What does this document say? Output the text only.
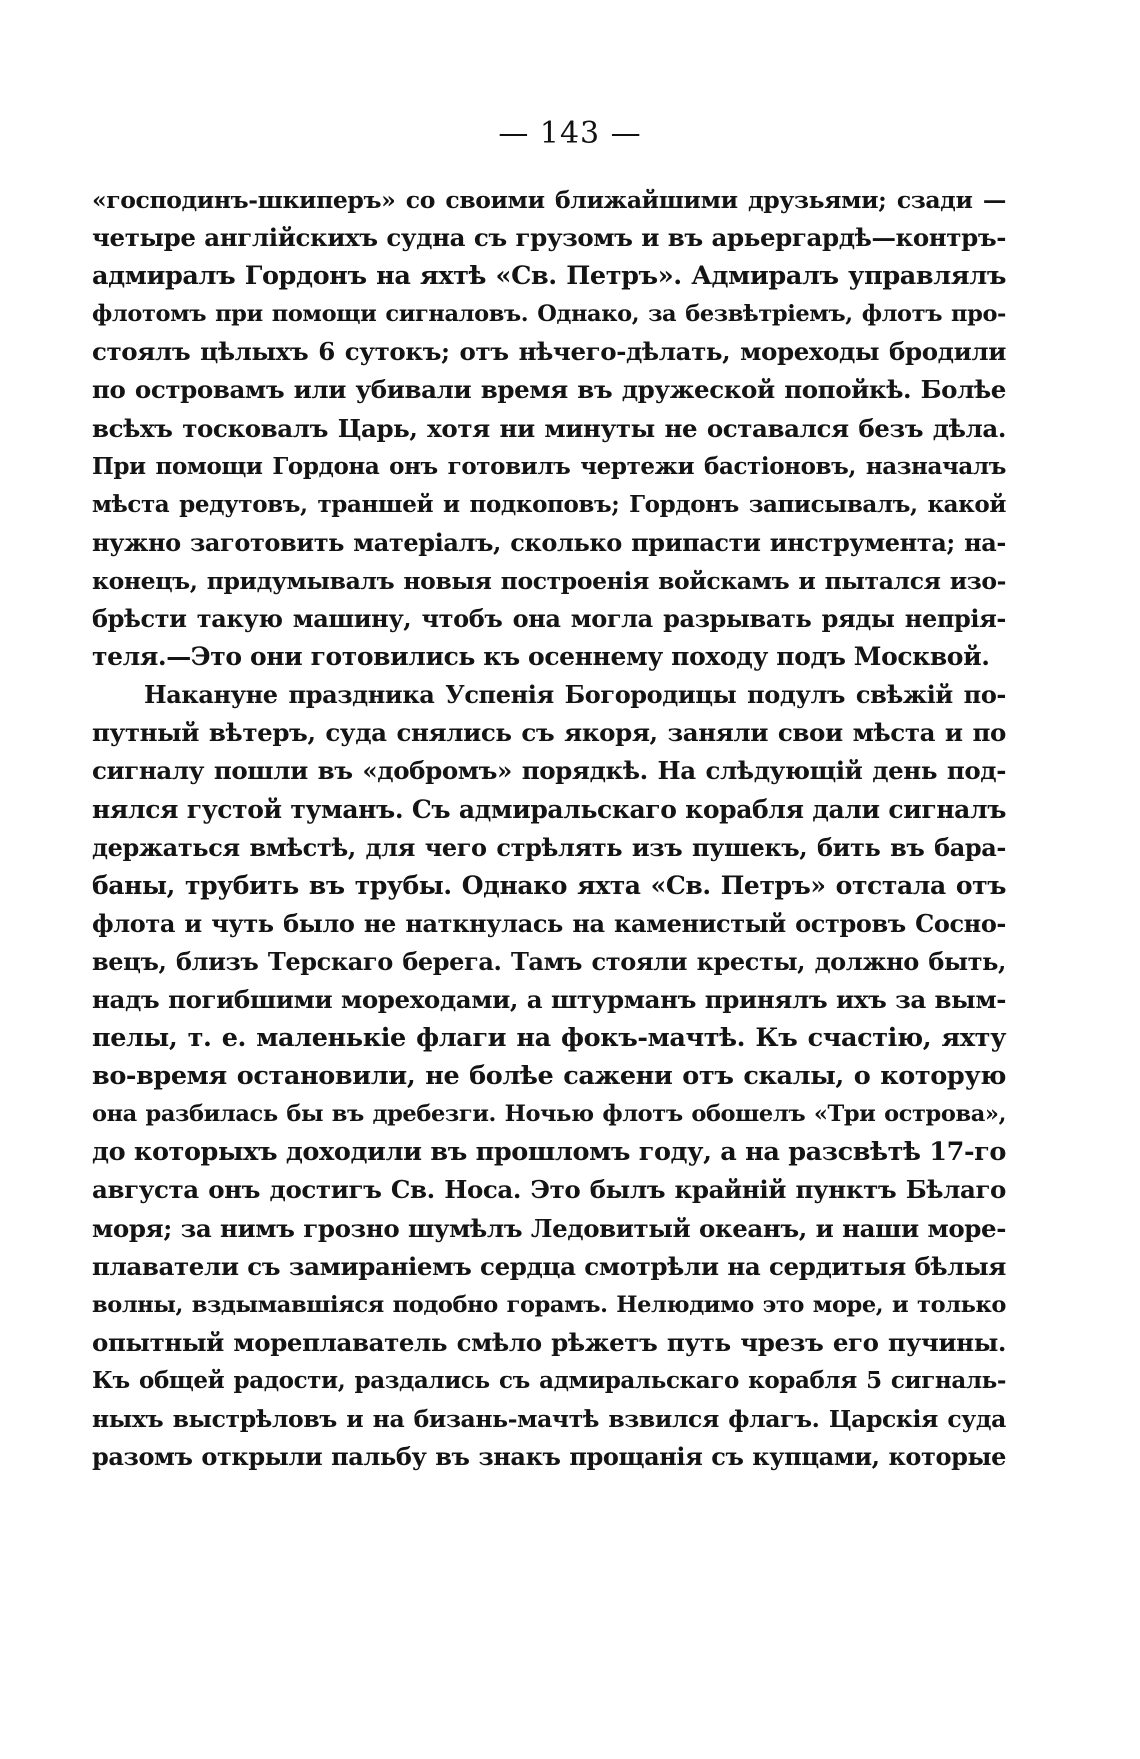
— 143 —
«господинъ-шкиперъ» со своими ближайшими друзьями; сзади —
четыре англійскихъ судна съ грузомъ и въ арьергардѣ—контръ-
адмиралъ Гордонъ на яхтѣ «Св. Петръ». Адмиралъ управлялъ
флотомъ при помощи сигналовъ. Однако, за безвѣтріемъ, флотъ про-
стоялъ цѣлыхъ 6 сутокъ; отъ нѣчего-дѣлать, мореходы бродили
по островамъ или убивали время въ дружеской попойкѣ. Болѣе
всѣхъ тосковалъ Царь, хотя ни минуты не оставался безъ дѣла.
При помощи Гордона онъ готовилъ чертежи бастіоновъ, назначалъ
мѣста редутовъ, траншей и подкоповъ; Гордонъ записывалъ, какой
нужно заготовить матеріалъ, сколько припасти инструмента; на-
конецъ, придумывалъ новыя построенія войскамъ и пытался изо-
брѣсти такую машину, чтобъ она могла разрывать ряды непрія-
теля.—Это они готовились къ осеннему походу подъ Москвой.
Накануне праздника Успенія Богородицы подулъ свѣжій по-
путный вѣтеръ, суда снялись съ якоря, заняли свои мѣста и по
сигналу пошли въ «добромъ» порядкѣ. На слѣдующій день под-
нялся густой туманъ. Съ адмиральскаго корабля дали сигналъ
держаться вмѣстѣ, для чего стрѣлять изъ пушекъ, бить въ бара-
баны, трубить въ трубы. Однако яхта «Св. Петръ» отстала отъ
флота и чуть было не наткнулась на каменистый островъ Сосно-
вецъ, близъ Терскаго берега. Тамъ стояли кресты, должно быть,
надъ погибшими мореходами, а штурманъ принялъ ихъ за вым-
пелы, т. е. маленькіе флаги на фокъ-мачтѣ. Къ счастію, яхту
во-время остановили, не болѣе сажени отъ скалы, о которую
она разбилась бы въ дребезги. Ночью флотъ обошелъ «Три острова»,
до которыхъ доходили въ прошломъ году, а на разсвѣтѣ 17-го
августа онъ достигъ Св. Носа. Это былъ крайній пунктъ Бѣлаго
моря; за нимъ грозно шумѣлъ Ледовитый океанъ, и наши море-
плаватели съ замираніемъ сердца смотрѣли на сердитыя бѣлыя
волны, вздымавшіяся подобно горамъ. Нелюдимо это море, и только
опытный мореплаватель смѣло рѣжетъ путь чрезъ его пучины.
Къ общей радости, раздались съ адмиральскаго корабля 5 сигналь-
ныхъ выстрѣловъ и на бизань-мачтѣ взвился флагъ. Царскія суда
разомъ открыли пальбу въ знакъ прощанія съ купцами, которые
